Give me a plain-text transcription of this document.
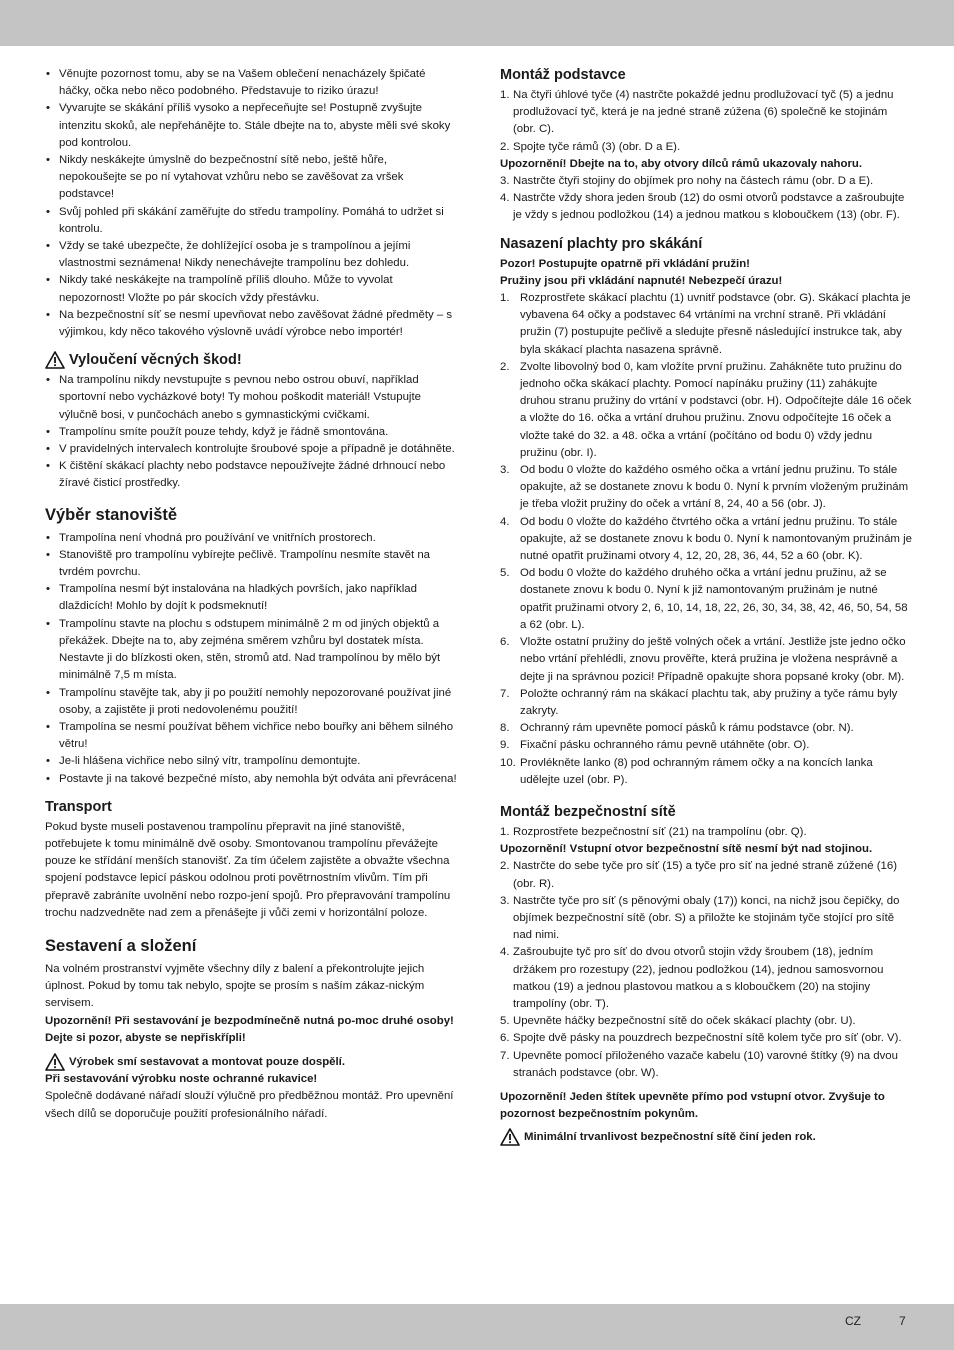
• Věnujte pozornost tomu, aby se na Vašem oblečení nenacházely špičaté háčky, očka nebo něco podobného. Představuje to riziko úrazu!
• Vyvarujte se skákání příliš vysoko a nepřeceňujte se! Postupně zvyšujte intenzitu skoků, ale nepřehánějte to. Stále dbejte na to, abyste měli své skoky pod kontrolou.
• Nikdy neskákejte úmyslně do bezpečnostní sítě nebo, ještě hůře, nepokoušejte se po ní vytahovat vzhůru nebo se zavěšovat za vršek podstavce!
• Svůj pohled při skákání zaměřujte do středu trampolíny. Pomáhá to udržet si kontrolu.
• Vždy se také ubezpečte, že dohlížející osoba je s trampolínou a jejími vlastnostmi seznámena! Nikdy nenechávejte trampolínu bez dohledu.
• Nikdy také neskákejte na trampolíně příliš dlouho. Může to vyvolat nepozornost! Vložte po pár skocích vždy přestávku.
• Na bezpečnostní síť se nesmí upevňovat nebo zavěšovat žádné předměty – s výjimkou, kdy něco takového výslovně uvádí výrobce nebo importér!
Vyloučení věcných škod!
• Na trampolínu nikdy nevstupujte s pevnou nebo ostrou obuví, například sportovní nebo vycházkové boty! Ty mohou poškodit materiál! Vstupujte výlučně bosi, v punčochách anebo s gymnastickými cvičkami.
• Trampolínu smíte použít pouze tehdy, když je řádně smontována.
• V pravidelných intervalech kontrolujte šroubové spoje a případně je dotáhněte.
• K čištění skákací plachty nebo podstavce nepoužívejte žádné drhnoucí nebo žíravé čisticí prostředky.
Výběr stanoviště
• Trampolína není vhodná pro používání ve vnitřních prostorech.
• Stanoviště pro trampolínu vybírejte pečlivě. Trampolínu nesmíte stavět na tvrdém povrchu.
• Trampolína nesmí být instalována na hladkých površích, jako například dlaždicích! Mohlo by dojít k podsmeknutí!
• Trampolínu stavte na plochu s odstupem minimálně 2 m od jiných objektů a překážek. Dbejte na to, aby zejména směrem vzhůru byl dostatek místa. Nestavte ji do blízkosti oken, stěn, stromů atd. Nad trampolínou by mělo být minimálně 7,5 m místa.
• Trampolínu stavějte tak, aby ji po použití nemohly nepozorované používat jiné osoby, a zajistěte ji proti nedovolenému použití!
• Trampolína se nesmí používat během vichřice nebo bouřky ani během silného větru!
• Je-li hlášena vichřice nebo silný vítr, trampolínu demontujte.
• Postavte ji na takové bezpečné místo, aby nemohla být odváta ani převrácena!
Transport

Pokud byste museli postavenou trampolínu přepravit na jiné stanoviště, potřebujete k tomu minimálně dvě osoby. Smontovanou trampolínu převážejte pouze ke střídání menších stanovišť. Za tím účelem zajistěte a obvažte všechna spojení podstavce lepicí páskou odolnou proti povětrnostním vlivům. Tím při přepravě zabráníte uvolnění nebo rozpo-jení spojů. Pro přepravování trampolínu trochu nadzvedněte nad zem a přenášejte ji vůči zemi v horizontální poloze.

Sestavení a složení

Na volném prostranství vyjměte všechny díly z balení a překontrolujte jejich úplnost. Pokud by tomu tak nebylo, spojte se prosím s naším zákaz-nickým servisem.

Upozornění! Při sestavování je bezpodmínečně nutná po-moc druhé osoby! Dejte si pozor, abyste se nepřiskřípli!

Výrobek smí sestavovat a montovat pouze dospělí.

Při sestavování výrobku noste ochranné rukavice!

Společně dodávané nářadí slouží výlučně pro předběžnou montáž. Pro upevnění všech dílů se doporučuje použití profesionálního nářadí.

Montáž podstavce
1. Na čtyři úhlové tyče (4) nastrčte pokaždé jednu prodlužovací tyč (5) a jednu prodlužovací tyč, která je na jedné straně zúžena (6) společně ke stojinám (obr. C).
2. Spojte tyče rámů (3) (obr. D a E).

Upozornění! Dbejte na to, aby otvory dílců rámů ukazovaly nahoru.

3. Nastrčte čtyři stojiny do objímek pro nohy na částech rámu (obr. D a E).
4. Nastrčte vždy shora jeden šroub (12) do osmi otvorů podstavce a zašroubujte je vždy s jednou podložkou (14) a jednou matkou s kloboučkem (13) (obr. F).
Nasazení plachty pro skákání

Pozor! Postupujte opatrně při vkládání pružin!

Pružiny jsou při vkládání napnuté! Nebezpečí úrazu!

1. Rozprostřete skákací plachtu (1) uvnitř podstavce (obr. G). Skákací plachta je vybavena 64 očky a podstavec 64 vrtáními na vrchní straně. Při vkládání pružin (7) postupujte pečlivě a sledujte přesně následující instrukce tak, aby byla skákací plachta nasazena správně.
2. Zvolte libovolný bod 0, kam vložíte první pružinu. Zahákněte tuto pružinu do jednoho očka skákací plachty. Pomocí napínáku pružiny (11) zahákujte druhou stranu pružiny do vrtání v podstavci (obr. H). Odpočítejte dále 16 oček a vložte do 16. očka a vrtání druhou pružinu. Znovu odpočítejte 16 oček a vložte také do 32. a 48. očka a vrtání (počítáno od bodu 0) vždy jednu pružinu (obr. I).
3. Od bodu 0 vložte do každého osmého očka a vrtání jednu pružinu. To stále opakujte, až se dostanete znovu k bodu 0. Nyní k prvním vloženým pružinám je třeba vložit pružiny do oček a vrtání 8, 24, 40 a 56 (obr. J).
4. Od bodu 0 vložte do každého čtvrtého očka a vrtání jednu pružinu. To stále opakujte, až se dostanete znovu k bodu 0. Nyní k namontovaným pružinám je nutné opatřit pružinami otvory 4, 12, 20, 28, 36, 44, 52 a 60 (obr. K).
5. Od bodu 0 vložte do každého druhého očka a vrtání jednu pružinu, až se dostanete znovu k bodu 0. Nyní k již namontovaným pružinám je nutné opatřit pružinami otvory 2, 6, 10, 14, 18, 22, 26, 30, 34, 38, 42, 46, 50, 54, 58 a 62 (obr. L).
6. Vložte ostatní pružiny do ještě volných oček a vrtání. Jestliže jste jedno očko nebo vrtání přehlédli, znovu prověřte, která pružina je vložena nesprávně a dejte ji na správnou pozici! Případně opakujte shora popsané kroky (obr. M).
7. Položte ochranný rám na skákací plachtu tak, aby pružiny a tyče rámu byly zakryty.
8. Ochranný rám upevněte pomocí pásků k rámu podstavce (obr. N).
9. Fixační pásku ochranného rámu pevně utáhněte (obr. O).
10. Provlékněte lanko (8) pod ochranným rámem očky a na koncích lanka udělejte uzel (obr. P).
Montáž bezpečnostní sítě
1. Rozprostřete bezpečnostní síť (21) na trampolínu (obr. Q).

Upozornění! Vstupní otvor bezpečnostní sítě nesmí být nad stojinou.

2. Nastrčte do sebe tyče pro síť (15) a tyče pro síť na jedné straně zúžené (16) (obr. R).
3. Nastrčte tyče pro síť (s pěnovými obaly (17)) konci, na nichž jsou čepičky, do objímek bezpečnostní sítě (obr. S) a přiložte ke stojinám tyče stojící pro sítě nad nimi.
4. Zašroubujte tyč pro síť do dvou otvorů stojin vždy šroubem (18), jedním držákem pro rozestupy (22), jednou podložkou (14), jednou samosvornou matkou (19) a jednou plastovou matkou a s kloboučkem (20) na stojiny trampolíny (obr. T).
5. Upevněte háčky bezpečnostní sítě do oček skákací plachty (obr. U).
6. Spojte dvě pásky na pouzdrech bezpečnostní sítě kolem tyče pro síť (obr. V).
7. Upevněte pomocí přiloženého vazače kabelu (10) varovné štítky (9) na dvou stranách podstavce (obr. W).

Upozornění! Jeden štítek upevněte přímo pod vstupní otvor. Zvyšuje to pozornost bezpečnostním pokynům.

Minimální trvanlivost bezpečnostní sítě činí jeden rok.
CZ	7
